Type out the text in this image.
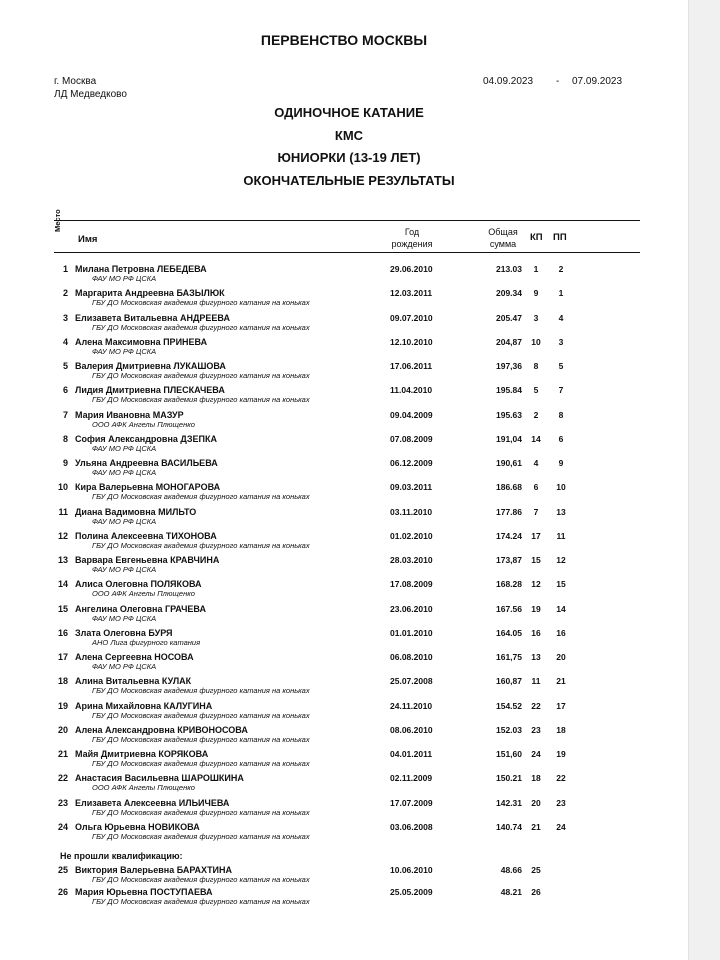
ПЕРВЕНСТВО МОСКВЫ
г. Москва
ЛД Медведково
04.09.2023 - 07.09.2023
ОДИНОЧНОЕ КАТАНИЕ
КМС
ЮНИОРКИ (13-19 ЛЕТ)
ОКОНЧАТЕЛЬНЫЕ РЕЗУЛЬТАТЫ
Место
Имя
Год
рождения
Общая
сумма
КП ПП
1 Милана Петровна ЛЕБЕДЕВА
ФАУ МО РФ ЦСКА
29.06.2010	213.03	1	2
2 Маргарита Андреевна БАЗЫЛЮК
ГБУ ДО Московская академия фигурного катания на коньках
12.03.2011	209.34	9	1
3 Елизавета Витальевна АНДРЕЕВА
ГБУ ДО Московская академия фигурного катания на коньках
09.07.2010	205.47	3	4
4 Алена Максимовна ПРИНЕВА
ФАУ МО РФ ЦСКА
12.10.2010	204,87	10	3
5 Валерия Дмитриевна ЛУКАШОВА
ГБУ ДО Московская академия фигурного катания на коньках
17.06.2011	197,36	8	5
6 Лидия Дмитриевна ПЛЕСКАЧЕВА
ГБУ ДО Московская академия фигурного катания на коньках
11.04.2010	195.84	5	7
7 Мария Ивановна МАЗУР
ООО АФК Ангелы Плющенко
09.04.2009	195.63	2	8
8 София Александровна ДЗЕПКА
ФАУ МО РФ ЦСКА
07.08.2009	191,04	14	6
9 Ульяна Андреевна ВАСИЛЬЕВА
ФАУ МО РФ ЦСКА
06.12.2009	190,61	4	9
10 Кира Валерьевна МОНОГАРОВА
ГБУ ДО Московская академия фигурного катания на коньках
09.03.2011	186.68	6	10
11 Диана Вадимовна МИЛЬТО
ФАУ МО РФ ЦСКА
03.11.2010	177.86	7	13
12 Полина Алексеевна ТИХОНОВА
ГБУ ДО Московская академия фигурного катания на коньках
01.02.2010	174.24	17	11
13 Варвара Евгеньевна КРАВЧИНА
ФАУ МО РФ ЦСКА
28.03.2010	173,87	15	12
14 Алиса Олеговна ПОЛЯКОВА
ООО АФК Ангелы Плющенко
17.08.2009	168.28	12	15
15 Ангелина Олеговна ГРАЧЕВА
ФАУ МО РФ ЦСКА
23.06.2010	167.56	19	14
16 Злата Олеговна БУРЯ
АНО Лига фигурного катания
01.01.2010	164.05	16	16
17 Алена Сергеевна НОСОВА
ФАУ МО РФ ЦСКА
06.08.2010	161,75	13	20
18 Алина Витальевна КУЛАК
ГБУ ДО Московская академия фигурного катания на коньках
25.07.2008	160,87	11	21
19 Арина Михайловна КАЛУГИНА
ГБУ ДО Московская академия фигурного катания на коньках
24.11.2010	154.52	22	17
20 Алена Александровна КРИВОНОСОВА
ГБУ ДО Московская академия фигурного катания на коньках
08.06.2010	152.03	23	18
21 Майя Дмитриевна КОРЯКОВА
ГБУ ДО Московская академия фигурного катания на коньках
04.01.2011	151,60	24	19
22 Анастасия Васильевна ШАРОШКИНА
ООО АФК Ангелы Плющенко
02.11.2009	150.21	18	22
23 Елизавета Алексеевна ИЛЬИЧЕВА
ГБУ ДО Московская академия фигурного катания на коньках
17.07.2009	142.31	20	23
24 Ольга Юрьевна НОВИКОВА
ГБУ ДО Московская академия фигурного катания на коньках
03.06.2008	140.74	21	24
Не прошли квалификацию:
25 Виктория Валерьевна БАРАХТИНА
ГБУ ДО Московская академия фигурного катания на коньках
10.06.2010	48.66	25
26 Мария Юрьевна ПОСТУПАЕВА
ГБУ ДО Московская академия фигурного катания на коньках
25.05.2009	48.21	26
